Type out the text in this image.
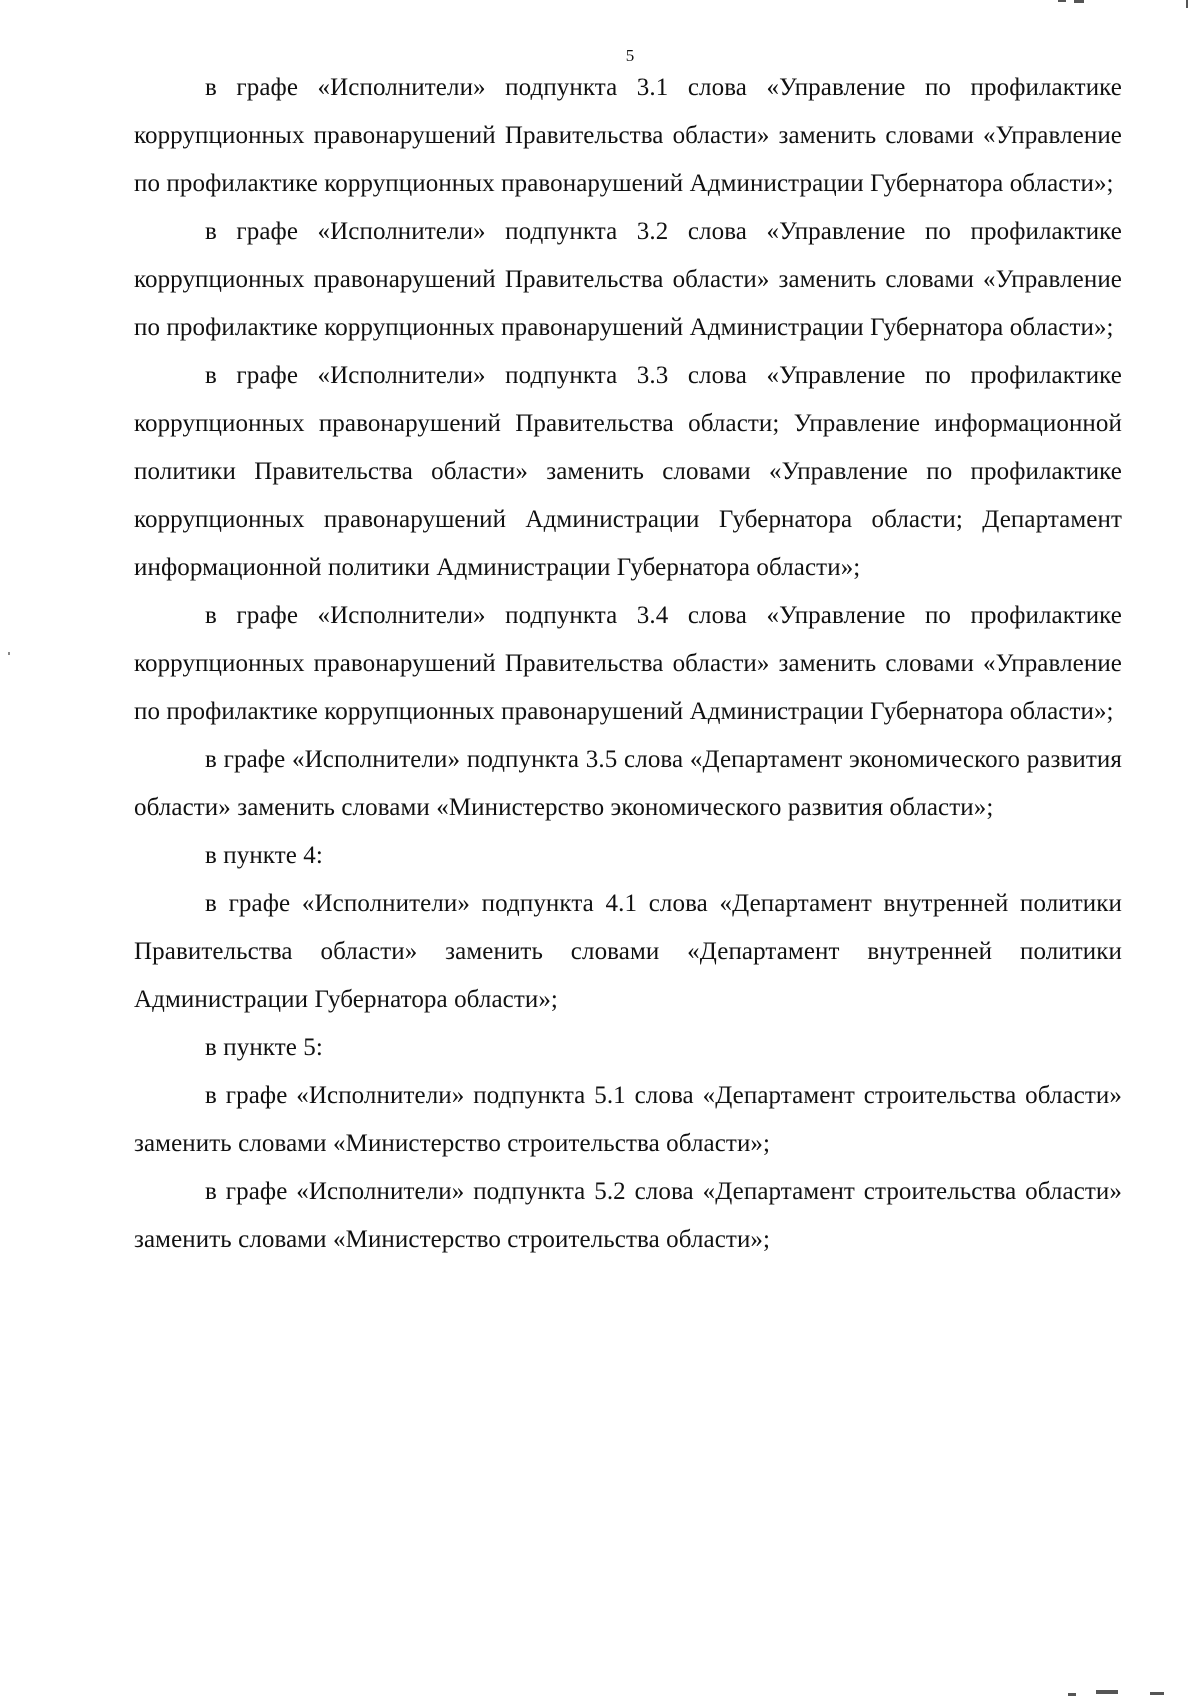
5

в графе «Исполнители» подпункта 3.1 слова «Управление по профилактике коррупционных правонарушений Правительства области» заменить словами «Управление по профилактике коррупционных правонарушений Администрации Губернатора области»;

в графе «Исполнители» подпункта 3.2 слова «Управление по профилактике коррупционных правонарушений Правительства области» заменить словами «Управление по профилактике коррупционных правонарушений Администрации Губернатора области»;

в графе «Исполнители» подпункта 3.3 слова «Управление по профилактике коррупционных правонарушений Правительства области; Управление информационной политики Правительства области» заменить словами «Управление по профилактике коррупционных правонарушений Администрации Губернатора области; Департамент информационной политики Администрации Губернатора области»;

в графе «Исполнители» подпункта 3.4 слова «Управление по профилактике коррупционных правонарушений Правительства области» заменить словами «Управление по профилактике коррупционных правонарушений Администрации Губернатора области»;

в графе «Исполнители» подпункта 3.5 слова «Департамент экономического развития области» заменить словами «Министерство экономического развития области»;

в пункте 4:

в графе «Исполнители» подпункта 4.1 слова «Департамент внутренней политики Правительства области» заменить словами «Департамент внутренней политики Администрации Губернатора области»;

в пункте 5:

в графе «Исполнители» подпункта 5.1 слова «Департамент строительства области» заменить словами «Министерство строительства области»;

в графе «Исполнители» подпункта 5.2 слова «Департамент строительства области» заменить словами «Министерство строительства области»;
